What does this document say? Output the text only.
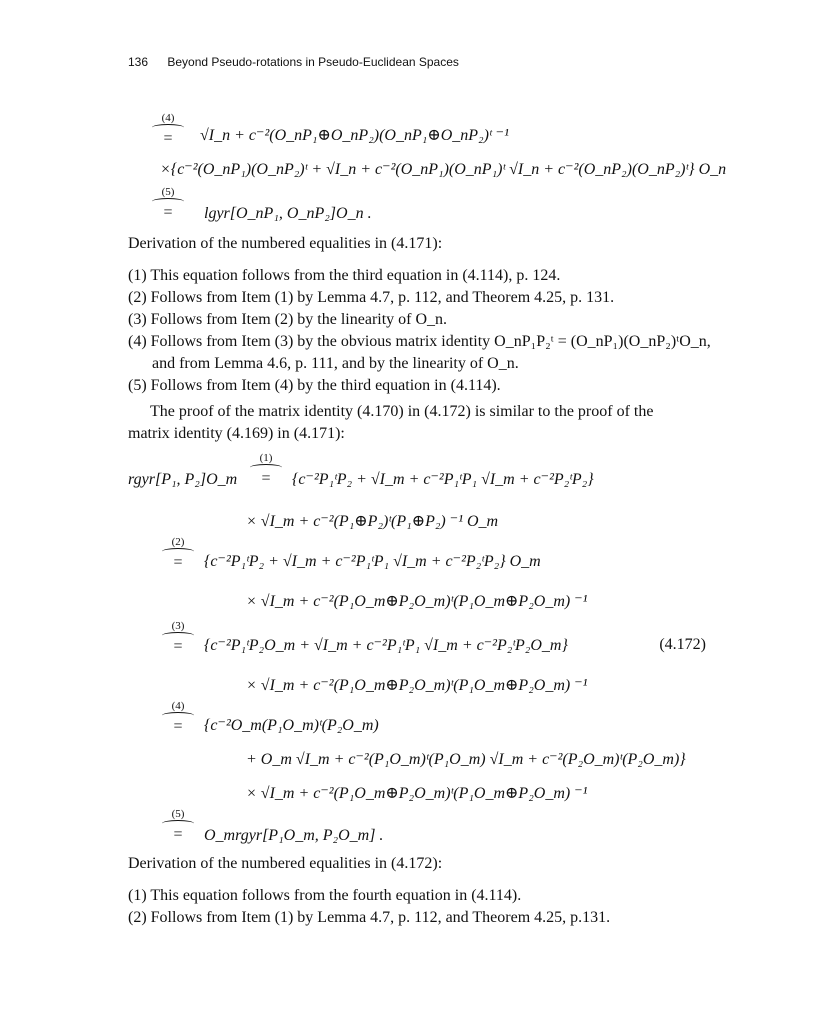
136 Beyond Pseudo-rotations in Pseudo-Euclidean Spaces
(4)
=	√I_n + c⁻²(O_nP₁⊕O_nP₂)(O_nP₁⊕O_nP₂)ᵗ ⁻¹
×{c⁻²(O_nP₁)(O_nP₂)ᵗ + √I_n + c⁻²(O_nP₁)(O_nP₁)ᵗ √I_n + c⁻²(O_nP₂)(O_nP₂)ᵗ} O_n
(5)
=	lgyr[O_nP₁, O_nP₂]O_n .
Derivation of the numbered equalities in (4.171):
(1) This equation follows from the third equation in (4.114), p. 124.
(2) Follows from Item (1) by Lemma 4.7, p. 112, and Theorem 4.25, p. 131.
(3) Follows from Item (2) by the linearity of O_n.
(4) Follows from Item (3) by the obvious matrix identity O_nP₁P₂ᵗ = (O_nP₁)(O_nP₂)ᵗO_n,
and from Lemma 4.6, p. 111, and by the linearity of O_n.
(5) Follows from Item (4) by the third equation in (4.114).
The proof of the matrix identity (4.170) in (4.172) is similar to the proof of the
matrix identity (4.169) in (4.171):
rgyr[P₁, P₂]O_m
(1)
=	{c⁻²P₁ᵗP₂ + √I_m + c⁻²P₁ᵗP₁ √I_m + c⁻²P₂ᵗP₂}
× √I_m + c⁻²(P₁⊕P₂)ᵗ(P₁⊕P₂) ⁻¹ O_m
(2)
=	{c⁻²P₁ᵗP₂ + √I_m + c⁻²P₁ᵗP₁ √I_m + c⁻²P₂ᵗP₂} O_m
× √I_m + c⁻²(P₁O_m⊕P₂O_m)ᵗ(P₁O_m⊕P₂O_m) ⁻¹
(3)
=	{c⁻²P₁ᵗP₂O_m + √I_m + c⁻²P₁ᵗP₁ √I_m + c⁻²P₂ᵗP₂O_m}	(4.172)
× √I_m + c⁻²(P₁O_m⊕P₂O_m)ᵗ(P₁O_m⊕P₂O_m) ⁻¹
(4)
=	{c⁻²O_m(P₁O_m)ᵗ(P₂O_m)
+ O_m √I_m + c⁻²(P₁O_m)ᵗ(P₁O_m) √I_m + c⁻²(P₂O_m)ᵗ(P₂O_m)}
× √I_m + c⁻²(P₁O_m⊕P₂O_m)ᵗ(P₁O_m⊕P₂O_m) ⁻¹
(5)
=	O_mrgyr[P₁O_m, P₂O_m] .
Derivation of the numbered equalities in (4.172):
(1) This equation follows from the fourth equation in (4.114).
(2) Follows from Item (1) by Lemma 4.7, p. 112, and Theorem 4.25, p.131.
